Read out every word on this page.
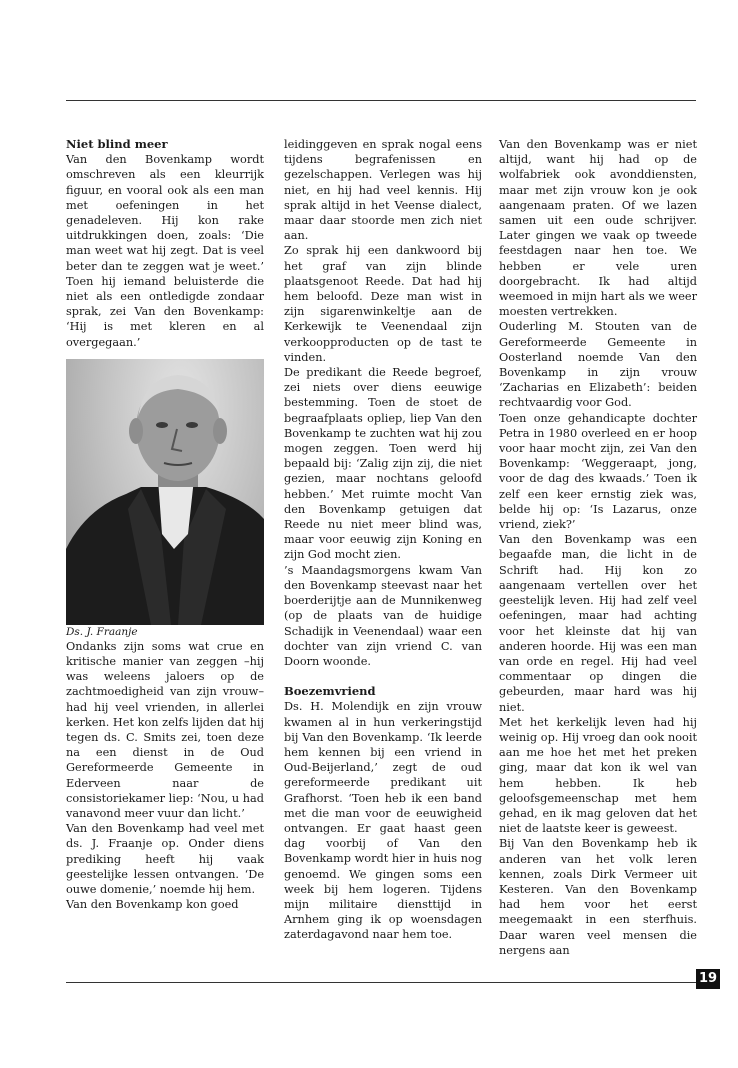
Niet blind meer

Van den Bovenkamp wordt omschreven als een kleurrijk figuur, en vooral ook als een man met oefeningen in het genadeleven. Hij kon rake uitdrukkingen doen, zoals: ‘Die man weet wat hij zegt. Dat is veel beter dan te zeggen wat je weet.’ Toen hij iemand beluisterde die niet als een ontledigde zondaar sprak, zei Van den Bovenkamp: ‘Hij is met kleren en al overgegaan.’

Ds. J. Fraanje

Ondanks zijn soms wat crue en kritische manier van zeggen –hij was weleens jaloers op de zachtmoedigheid van zijn vrouw– had hij veel vrienden, in allerlei kerken. Het kon zelfs lijden dat hij tegen ds. C. Smits zei, toen deze na een dienst in de Oud Gereformeerde Gemeente in Ederveen naar de consistoriekamer liep: ‘Nou, u had vanavond meer vuur dan licht.’

Van den Bovenkamp had veel met ds. J. Fraanje op. Onder diens prediking heeft hij vaak geestelijke lessen ontvangen. ‘De ouwe domenie,’ noemde hij hem.

Van den Bovenkamp kon goed

leidinggeven en sprak nogal eens tijdens begrafenissen en gezelschappen. Verlegen was hij niet, en hij had veel kennis. Hij sprak altijd in het Veense dialect, maar daar stoorde men zich niet aan.

Zo sprak hij een dankwoord bij het graf van zijn blinde plaatsgenoot Reede. Dat had hij hem beloofd. Deze man wist in zijn sigarenwinkeltje aan de Kerkewijk te Veenendaal zijn verkoopproducten op de tast te vinden.

De predikant die Reede begroef, zei niets over diens eeuwige bestemming. Toen de stoet de begraafplaats opliep, liep Van den Bovenkamp te zuchten wat hij zou mogen zeggen. Toen werd hij bepaald bij: ‘Zalig zijn zij, die niet gezien, maar nochtans geloofd hebben.’ Met ruimte mocht Van den Bovenkamp getuigen dat Reede nu niet meer blind was, maar voor eeuwig zijn Koning en zijn God mocht zien.

’s Maandagsmorgens kwam Van den Bovenkamp steevast naar het boerderijtje aan de Munnikenweg (op de plaats van de huidige Schadijk in Veenendaal) waar een dochter van zijn vriend C. van Doorn woonde.

Boezemvriend

Ds. H. Molendijk en zijn vrouw kwamen al in hun verkeringstijd bij Van den Bovenkamp. ‘Ik leerde hem kennen bij een vriend in Oud-Beijerland,’ zegt de oud gereformeerde predikant uit Grafhorst. ‘Toen heb ik een band met die man voor de eeuwigheid ontvangen. Er gaat haast geen dag voorbij of Van den Bovenkamp wordt hier in huis nog genoemd. We gingen soms een week bij hem logeren. Tijdens mijn militaire diensttijd in Arnhem ging ik op woensdagen zaterdagavond naar hem toe.

Van den Bovenkamp was er niet altijd, want hij had op de wolfabriek ook avonddiensten, maar met zijn vrouw kon je ook aangenaam praten. Of we lazen samen uit een oude schrijver. Later gingen we vaak op tweede feestdagen naar hen toe. We hebben er vele uren doorgebracht. Ik had altijd weemoed in mijn hart als we weer moesten vertrekken.

Ouderling M. Stouten van de Gereformeerde Gemeente in Oosterland noemde Van den Bovenkamp in zijn vrouw ‘Zacharias en Elizabeth’: beiden rechtvaardig voor God.

Toen onze gehandicapte dochter Petra in 1980 overleed en er hoop voor haar mocht zijn, zei Van den Bovenkamp: ‘Weggeraapt, jong, voor de dag des kwaads.’ Toen ik zelf een keer ernstig ziek was, belde hij op: ‘Is Lazarus, onze vriend, ziek?’

Van den Bovenkamp was een begaafde man, die licht in de Schrift had. Hij kon zo aangenaam vertellen over het geestelijk leven. Hij had zelf veel oefeningen, maar had achting voor het kleinste dat hij van anderen hoorde. Hij was een man van orde en regel. Hij had veel commentaar op dingen die gebeurden, maar hard was hij niet.

Met het kerkelijk leven had hij weinig op. Hij vroeg dan ook nooit aan me hoe het met het preken ging, maar dat kon ik wel van hem hebben. Ik heb geloofsgemeenschap met hem gehad, en ik mag geloven dat het niet de laatste keer is geweest.

Bij Van den Bovenkamp heb ik anderen van het volk leren kennen, zoals Dirk Vermeer uit Kesteren. Van den Bovenkamp had hem voor het eerst meegemaakt in een sterfhuis. Daar waren veel mensen die nergens aan

19
